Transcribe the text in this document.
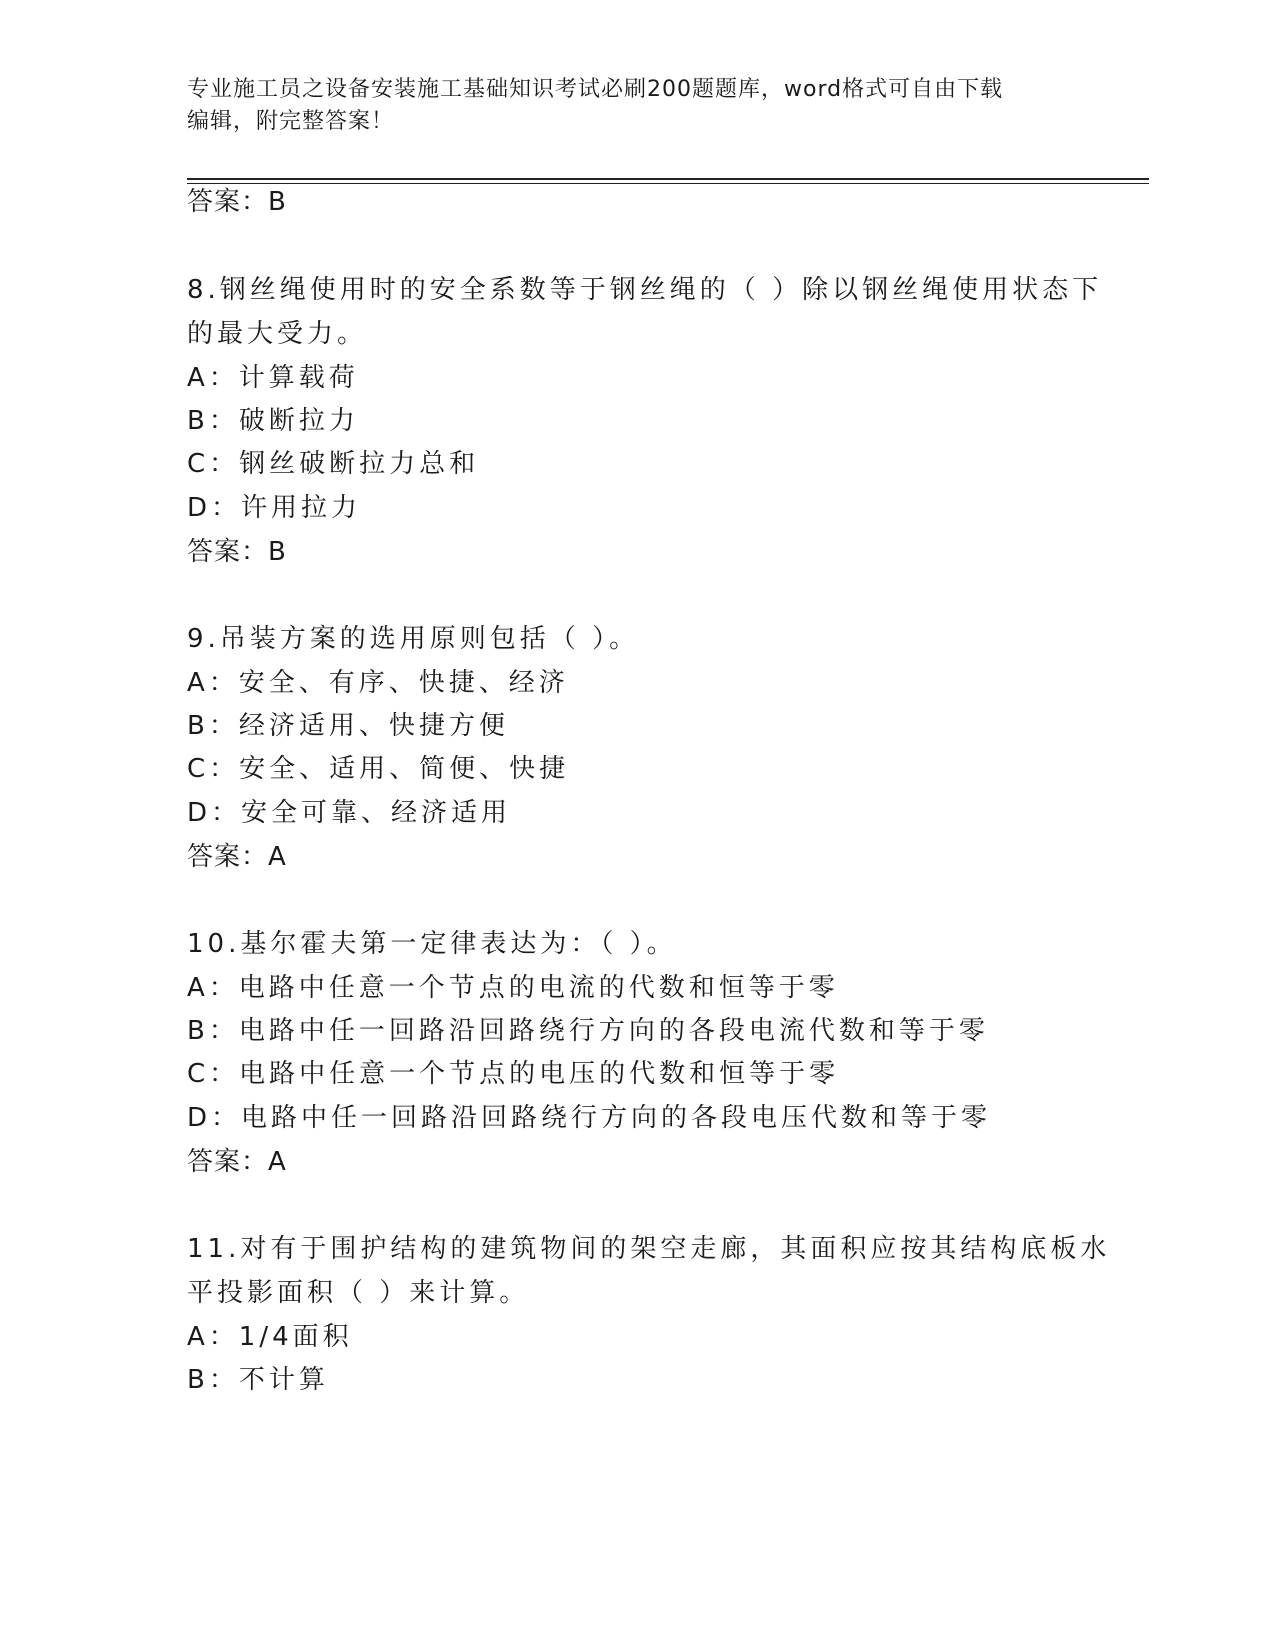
专业施工员之设备安装施工基础知识考试必刷200题题库，word格式可自由下载
编辑，附完整答案！
答案：B
8.钢丝绳使用时的安全系数等于钢丝绳的（ ）除以钢丝绳使用状态下
的最大受力。
A：计算载荷
B：破断拉力
C：钢丝破断拉力总和
D：许用拉力
答案：B
9.吊装方案的选用原则包括（ ）。
A：安全、有序、快捷、经济
B：经济适用、快捷方便
C：安全、适用、简便、快捷
D：安全可靠、经济适用
答案：A
10.基尔霍夫第一定律表达为：（ ）。
A：电路中任意一个节点的电流的代数和恒等于零
B：电路中任一回路沿回路绕行方向的各段电流代数和等于零
C：电路中任意一个节点的电压的代数和恒等于零
D：电路中任一回路沿回路绕行方向的各段电压代数和等于零
答案：A
11.对有于围护结构的建筑物间的架空走廊，其面积应按其结构底板水
平投影面积（ ）来计算。
A：1/4面积
B：不计算
